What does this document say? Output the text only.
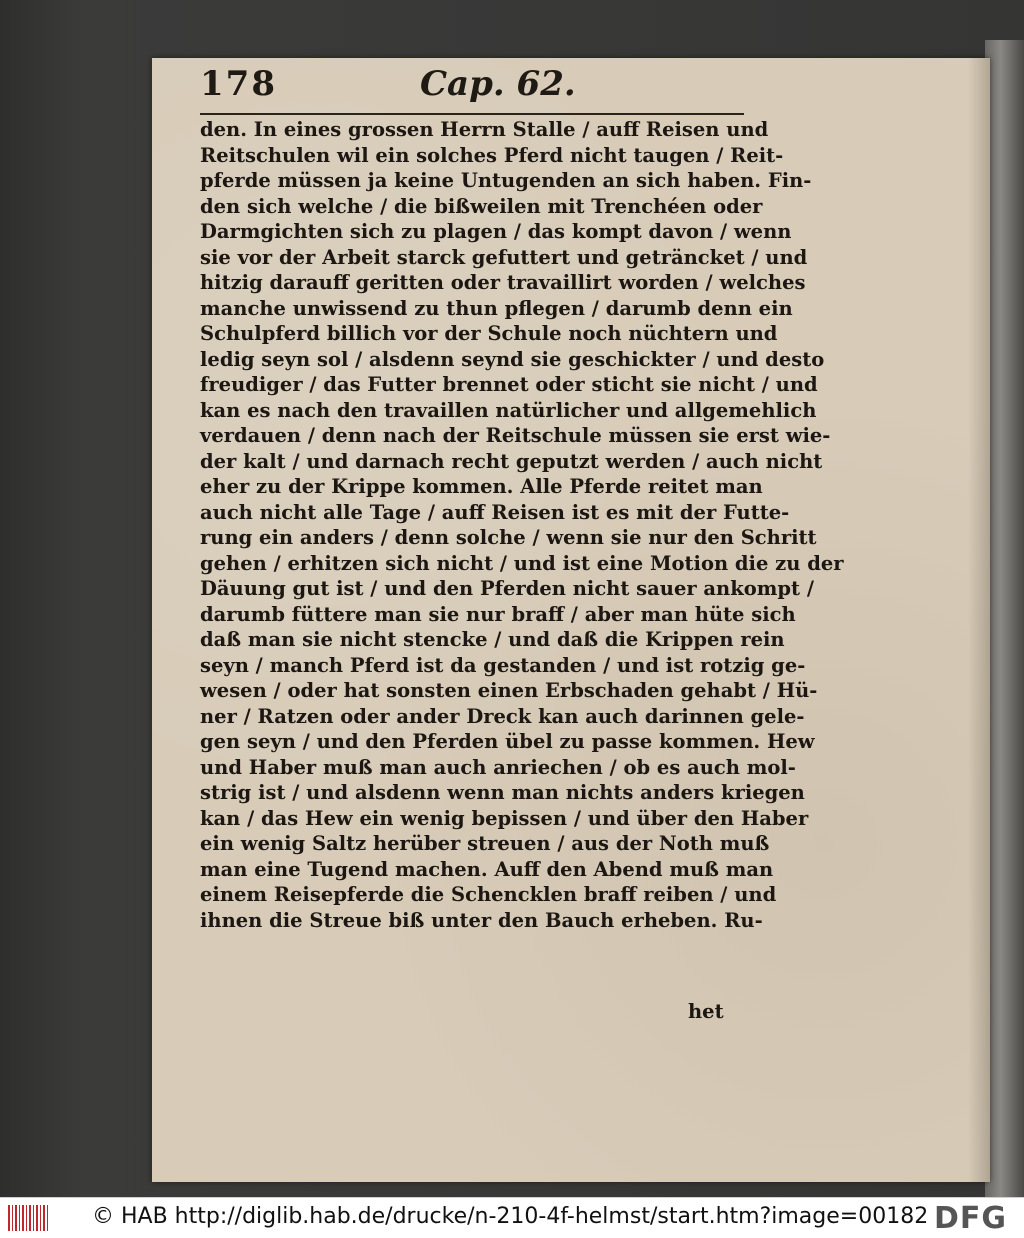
178	Cap. 62.
den. In eines grossen Herrn Stalle / auff Reisen und
Reitschulen wil ein solches Pferd nicht taugen / Reit-
pferde müssen ja keine Untugenden an sich haben. Fin-
den sich welche / die bißweilen mit Trenchéen oder
Darmgichten sich zu plagen / das kompt davon / wenn
sie vor der Arbeit starck gefuttert und geträncket / und
hitzig darauff geritten oder travaillirt worden / welches
manche unwissend zu thun pflegen / darumb denn ein
Schulpferd billich vor der Schule noch nüchtern und
ledig seyn sol / alsdenn seynd sie geschickter / und desto
freudiger / das Futter brennet oder sticht sie nicht / und
kan es nach den travaillen natürlicher und allgemehlich
verdauen / denn nach der Reitschule müssen sie erst wie-
der kalt / und darnach recht geputzt werden / auch nicht
eher zu der Krippe kommen. Alle Pferde reitet man
auch nicht alle Tage / auff Reisen ist es mit der Futte-
rung ein anders / denn solche / wenn sie nur den Schritt
gehen / erhitzen sich nicht / und ist eine Motion die zu der
Däuung gut ist / und den Pferden nicht sauer ankompt /
darumb füttere man sie nur braff / aber man hüte sich
daß man sie nicht stencke / und daß die Krippen rein
seyn / manch Pferd ist da gestanden / und ist rotzig ge-
wesen / oder hat sonsten einen Erbschaden gehabt / Hü-
ner / Ratzen oder ander Dreck kan auch darinnen gele-
gen seyn / und den Pferden übel zu passe kommen. Hew
und Haber muß man auch anriechen / ob es auch mol-
strig ist / und alsdenn wenn man nichts anders kriegen
kan / das Hew ein wenig bepissen / und über den Haber
ein wenig Saltz herüber streuen / aus der Noth muß
man eine Tugend machen. Auff den Abend muß man
einem Reisepferde die Schencklen braff reiben / und
ihnen die Streue biß unter den Bauch erheben. Ru-
het
© HAB http://diglib.hab.de/drucke/n-210-4f-helmst/start.htm?image=00182 DFG
